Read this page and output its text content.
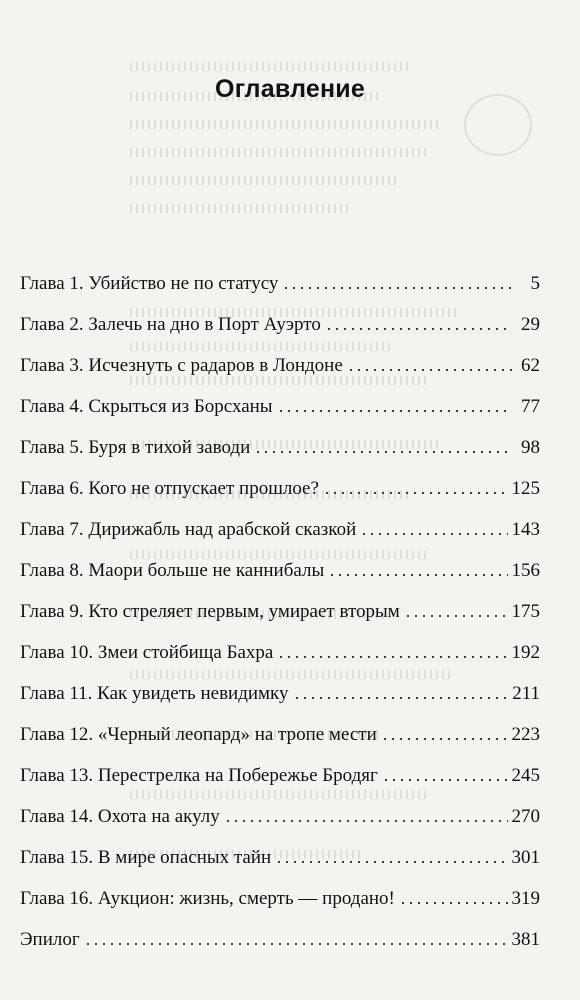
Оглавление
Глава 1. Убийство не по статусу	5
Глава 2. Залечь на дно в Порт Ауэрто	29
Глава 3. Исчезнуть с радаров в Лондоне	62
Глава 4. Скрыться из Борсханы	77
Глава 5. Буря в тихой заводи	98
Глава 6. Кого не отпускает прошлое?	125
Глава 7. Дирижабль над арабской сказкой	143
Глава 8. Маори больше не каннибалы	156
Глава 9. Кто стреляет первым, умирает вторым	175
Глава 10. Змеи стойбища Бахра	192
Глава 11. Как увидеть невидимку	211
Глава 12. «Черный леопард» на тропе мести	223
Глава 13. Перестрелка на Побережье Бродяг	245
Глава 14. Охота на акулу	270
Глава 15. В мире опасных тайн	301
Глава 16. Аукцион: жизнь, смерть — продано!	319
Эпилог	381
